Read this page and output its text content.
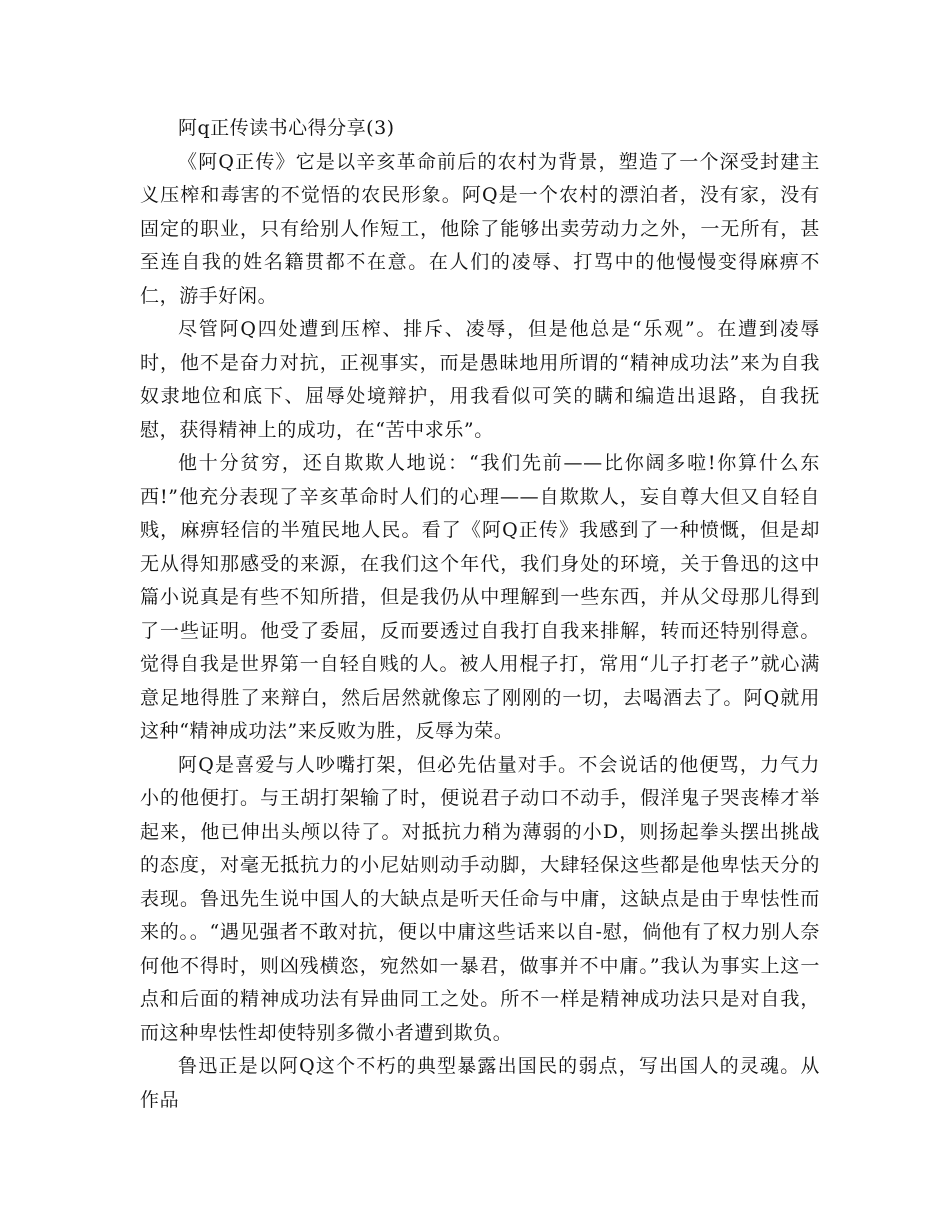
阿q正传读书心得分享(3)

《阿Q正传》它是以辛亥革命前后的农村为背景，塑造了一个深受封建主义压榨和毒害的不觉悟的农民形象。阿Q是一个农村的漂泊者，没有家，没有固定的职业，只有给别人作短工，他除了能够出卖劳动力之外，一无所有，甚至连自我的姓名籍贯都不在意。在人们的凌辱、打骂中的他慢慢变得麻痹不仁，游手好闲。

尽管阿Q四处遭到压榨、排斥、凌辱，但是他总是“乐观”。在遭到凌辱时，他不是奋力对抗，正视事实，而是愚昧地用所谓的“精神成功法”来为自我奴隶地位和底下、屈辱处境辩护，用我看似可笑的瞒和编造出退路，自我抚慰，获得精神上的成功，在“苦中求乐”。

他十分贫穷，还自欺欺人地说：“我们先前——比你阔多啦!你算什么东西!”他充分表现了辛亥革命时人们的心理——自欺欺人，妄自尊大但又自轻自贱，麻痹轻信的半殖民地人民。看了《阿Q正传》我感到了一种愤慨，但是却无从得知那感受的来源，在我们这个年代，我们身处的环境，关于鲁迅的这中篇小说真是有些不知所措，但是我仍从中理解到一些东西，并从父母那儿得到了一些证明。他受了委屈，反而要透过自我打自我来排解，转而还特别得意。觉得自我是世界第一自轻自贱的人。被人用棍子打，常用“儿子打老子”就心满意足地得胜了来辩白，然后居然就像忘了刚刚的一切，去喝酒去了。阿Q就用这种“精神成功法”来反败为胜，反辱为荣。

阿Q是喜爱与人吵嘴打架，但必先估量对手。不会说话的他便骂，力气力小的他便打。与王胡打架输了时，便说君子动口不动手，假洋鬼子哭丧棒才举起来，他已伸出头颅以待了。对抵抗力稍为薄弱的小D，则扬起拳头摆出挑战的态度，对毫无抵抗力的小尼姑则动手动脚，大肆轻保这些都是他卑怯天分的表现。鲁迅先生说中国人的大缺点是听天任命与中庸，这缺点是由于卑怯性而来的。。“遇见强者不敢对抗，便以中庸这些话来以自-慰，倘他有了权力别人奈何他不得时，则凶残横恣，宛然如一暴君，做事并不中庸。”我认为事实上这一点和后面的精神成功法有异曲同工之处。所不一样是精神成功法只是对自我，而这种卑怯性却使特别多微小者遭到欺负。

鲁迅正是以阿Q这个不朽的典型暴露出国民的弱点，写出国人的灵魂。从作品
